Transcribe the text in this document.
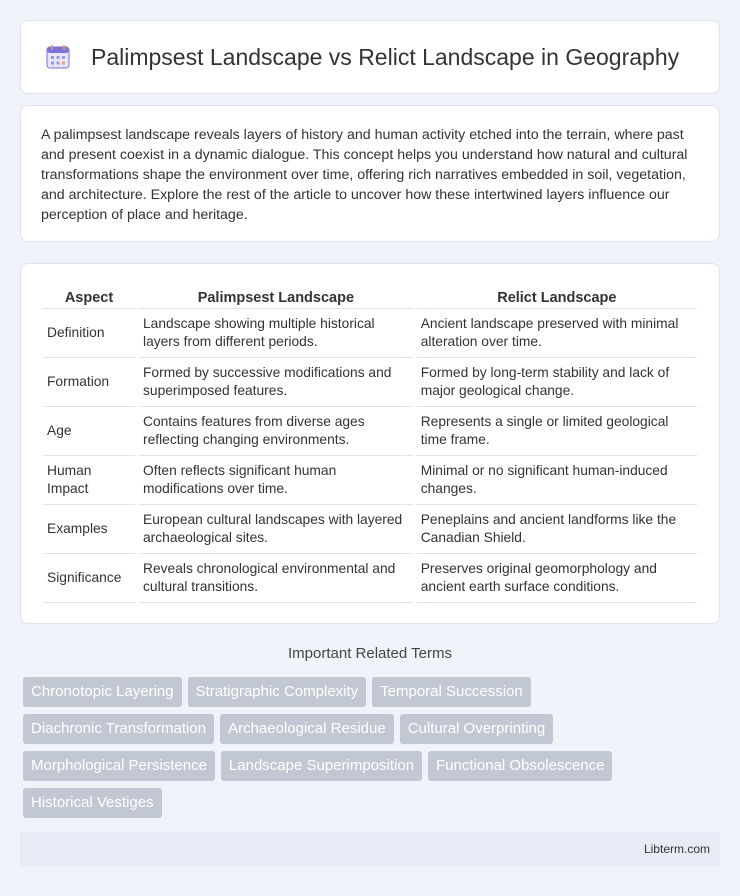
Palimpsest Landscape vs Relict Landscape in Geography

A palimpsest landscape reveals layers of history and human activity etched into the terrain, where past and present coexist in a dynamic dialogue. This concept helps you understand how natural and cultural transformations shape the environment over time, offering rich narratives embedded in soil, vegetation, and architecture. Explore the rest of the article to uncover how these intertwined layers influence our perception of place and heritage.

Aspect	Palimpsest Landscape	Relict Landscape
Definition	Landscape showing multiple historical layers from different periods.	Ancient landscape preserved with minimal alteration over time.
Formation	Formed by successive modifications and superimposed features.	Formed by long-term stability and lack of major geological change.
Age	Contains features from diverse ages reflecting changing environments.	Represents a single or limited geological time frame.
Human Impact	Often reflects significant human modifications over time.	Minimal or no significant human-induced changes.
Examples	European cultural landscapes with layered archaeological sites.	Peneplains and ancient landforms like the Canadian Shield.
Significance	Reveals chronological environmental and cultural transitions.	Preserves original geomorphology and ancient earth surface conditions.
Important Related Terms
Chronotopic Layering	Stratigraphic Complexity	Temporal Succession
Diachronic Transformation	Archaeological Residue	Cultural Overprinting
Morphological Persistence	Landscape Superimposition	Functional Obsolescence
Historical Vestiges
Libterm.com
